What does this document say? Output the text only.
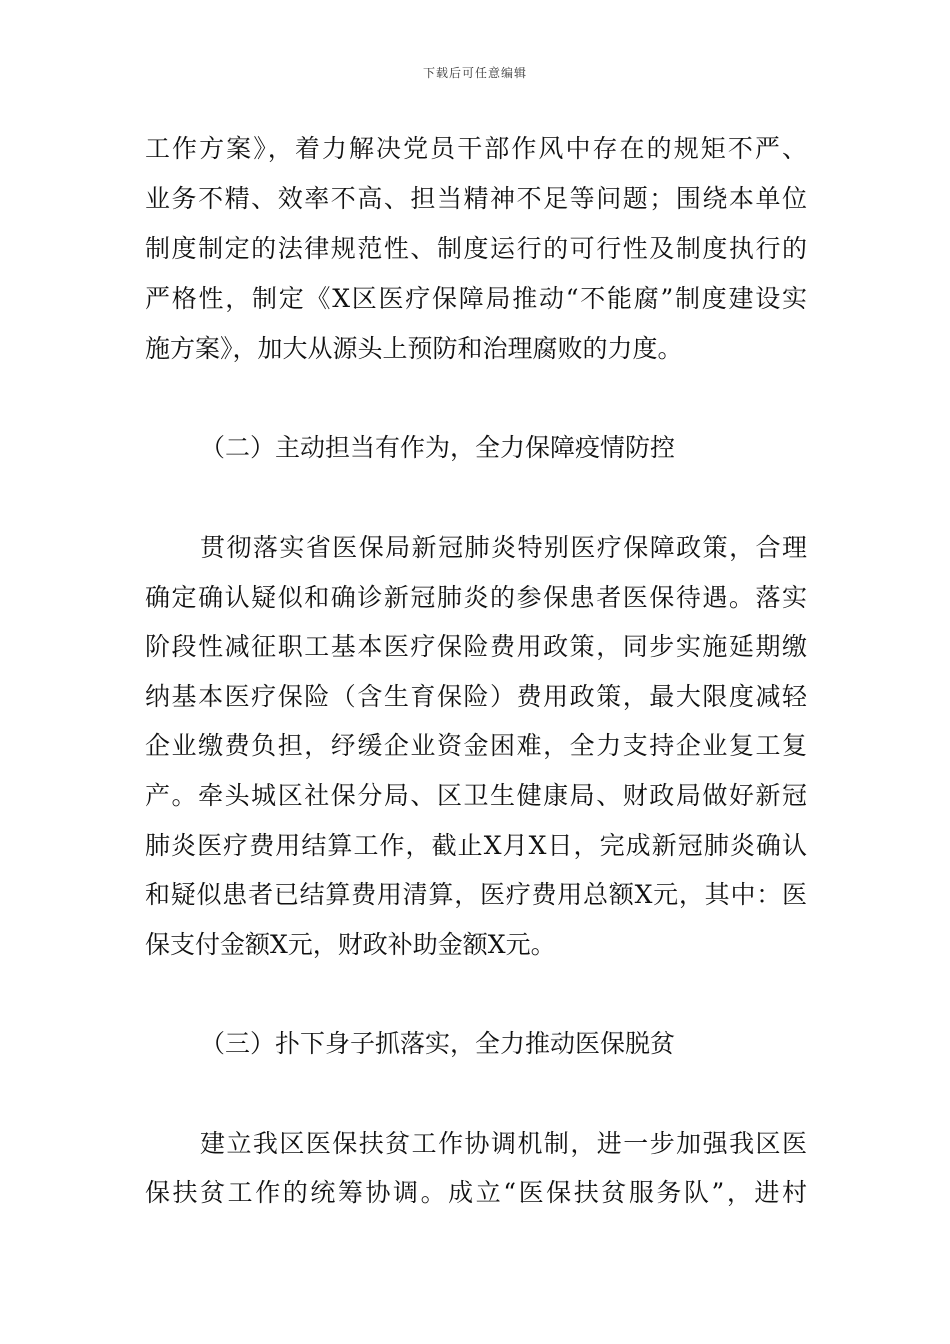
下载后可任意编辑
工作方案》，着力解决党员干部作风中存在的规矩不严、
业务不精、效率不高、担当精神不足等问题；围绕本单位
制度制定的法律规范性、制度运行的可行性及制度执行的
严格性，制定《X区医疗保障局推动“不能腐”制度建设实
施方案》，加大从源头上预防和治理腐败的力度。
（二）主动担当有作为，全力保障疫情防控
贯彻落实省医保局新冠肺炎特别医疗保障政策，合理
确定确认疑似和确诊新冠肺炎的参保患者医保待遇。落实
阶段性减征职工基本医疗保险费用政策，同步实施延期缴
纳基本医疗保险（含生育保险）费用政策，最大限度减轻
企业缴费负担，纾缓企业资金困难，全力支持企业复工复
产。牵头城区社保分局、区卫生健康局、财政局做好新冠
肺炎医疗费用结算工作，截止X月X日，完成新冠肺炎确认
和疑似患者已结算费用清算，医疗费用总额X元，其中：医
保支付金额X元，财政补助金额X元。
（三）扑下身子抓落实，全力推动医保脱贫
建立我区医保扶贫工作协调机制，进一步加强我区医
保扶贫工作的统筹协调。成立“医保扶贫服务队”，进村
